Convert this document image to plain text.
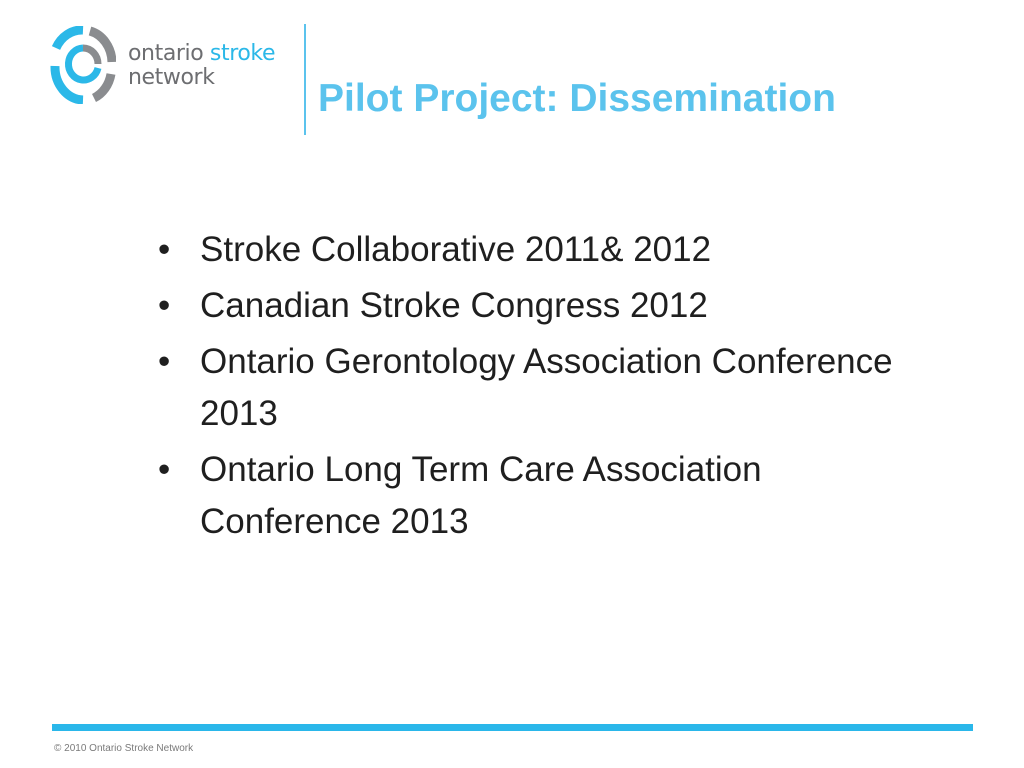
ontario stroke
network	Pilot Project: Dissemination
• Stroke Collaborative 2011& 2012
• Canadian Stroke Congress 2012
• Ontario Gerontology Association Conference 2013
• Ontario Long Term Care Association Conference 2013
© 2010 Ontario Stroke Network
